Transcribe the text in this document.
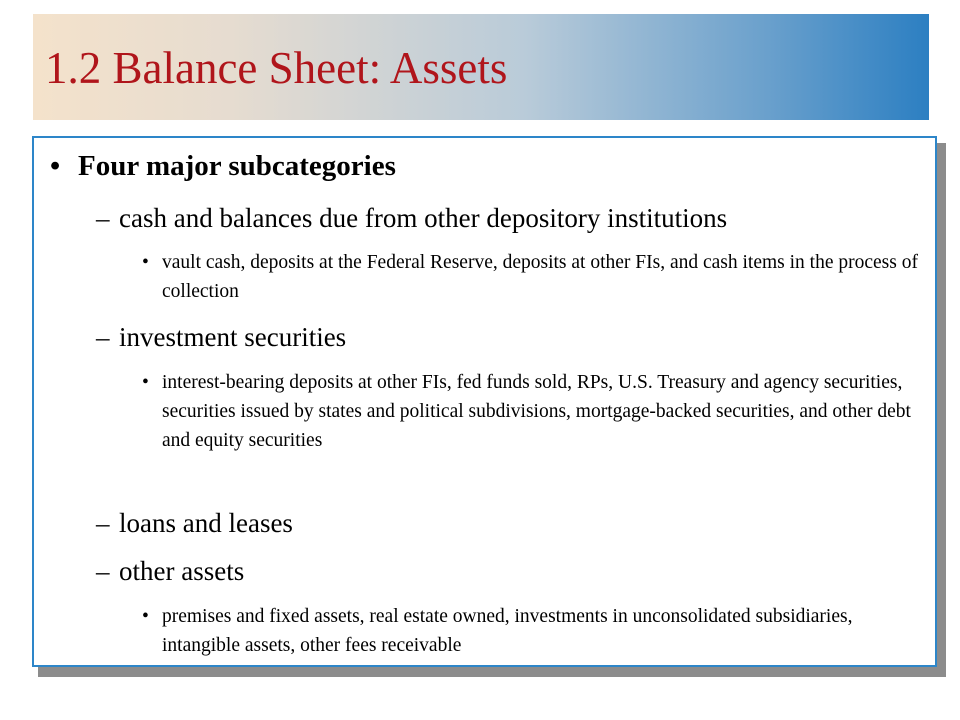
1.2 Balance Sheet: Assets
• Four major subcategories
– cash and balances due from other depository institutions
• vault cash, deposits at the Federal Reserve, deposits at other FIs, and cash items in the process of collection
– investment securities
• interest-bearing deposits at other FIs, fed funds sold, RPs, U.S. Treasury and agency securities, securities issued by states and political subdivisions, mortgage-backed securities, and other debt and equity securities
– loans and leases
– other assets
• premises and fixed assets, real estate owned, investments in unconsolidated subsidiaries, intangible assets, other fees receivable
